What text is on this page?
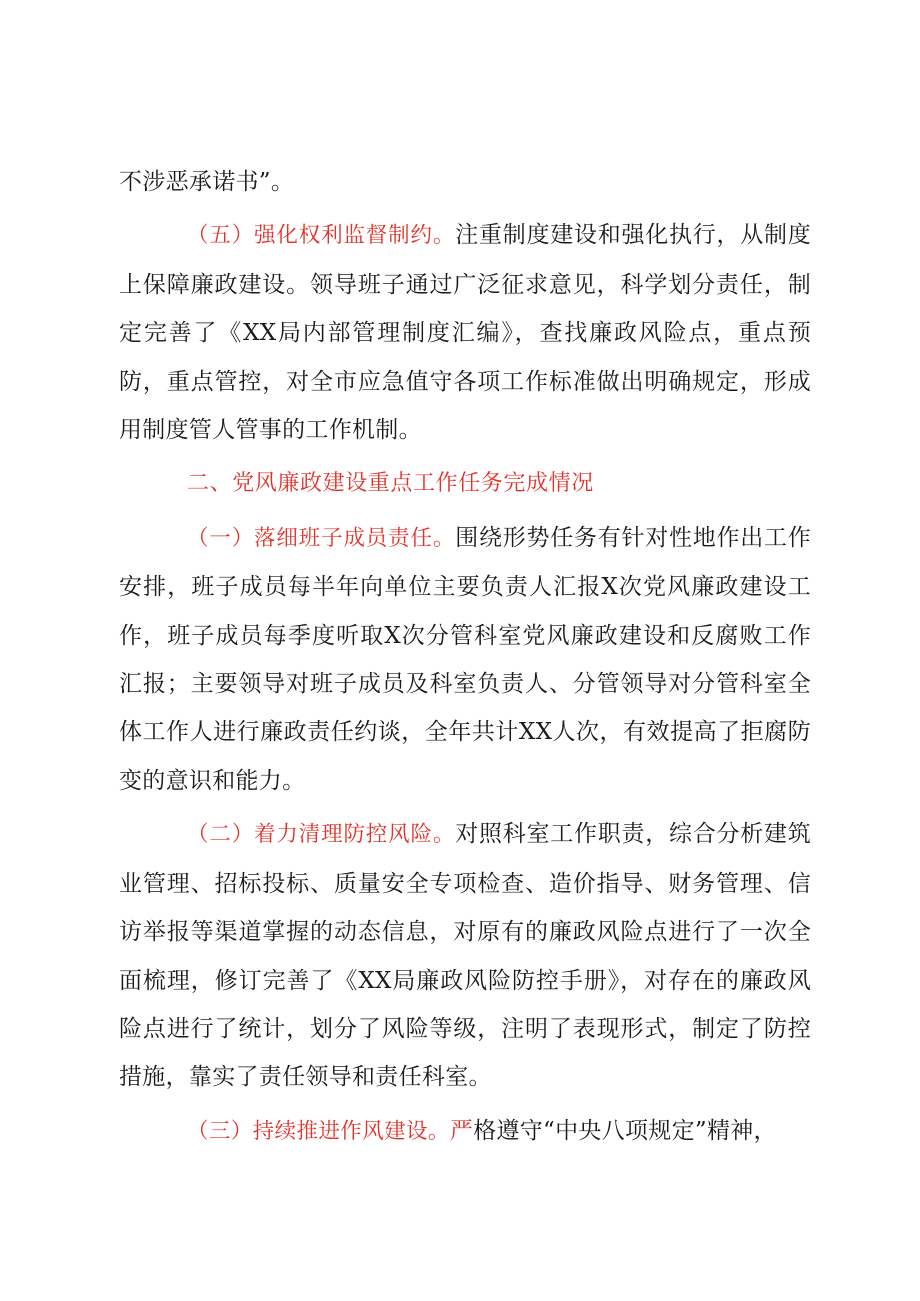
不涉恶承诺书”。

（五）强化权利监督制约。注重制度建设和强化执行，从制度上保障廉政建设。领导班子通过广泛征求意见，科学划分责任，制定完善了《XX局内部管理制度汇编》，查找廉政风险点，重点预防，重点管控，对全市应急值守各项工作标准做出明确规定，形成用制度管人管事的工作机制。

二、党风廉政建设重点工作任务完成情况

（一）落细班子成员责任。围绕形势任务有针对性地作出工作安排，班子成员每半年向单位主要负责人汇报X次党风廉政建设工作，班子成员每季度听取X次分管科室党风廉政建设和反腐败工作汇报；主要领导对班子成员及科室负责人、分管领导对分管科室全体工作人进行廉政责任约谈，全年共计XX人次，有效提高了拒腐防变的意识和能力。

（二）着力清理防控风险。对照科室工作职责，综合分析建筑业管理、招标投标、质量安全专项检查、造价指导、财务管理、信访举报等渠道掌握的动态信息，对原有的廉政风险点进行了一次全面梳理，修订完善了《XX局廉政风险防控手册》，对存在的廉政风险点进行了统计，划分了风险等级，注明了表现形式，制定了防控措施，靠实了责任领导和责任科室。

（三）持续推进作风建设。严格遵守“中央八项规定”精神，
